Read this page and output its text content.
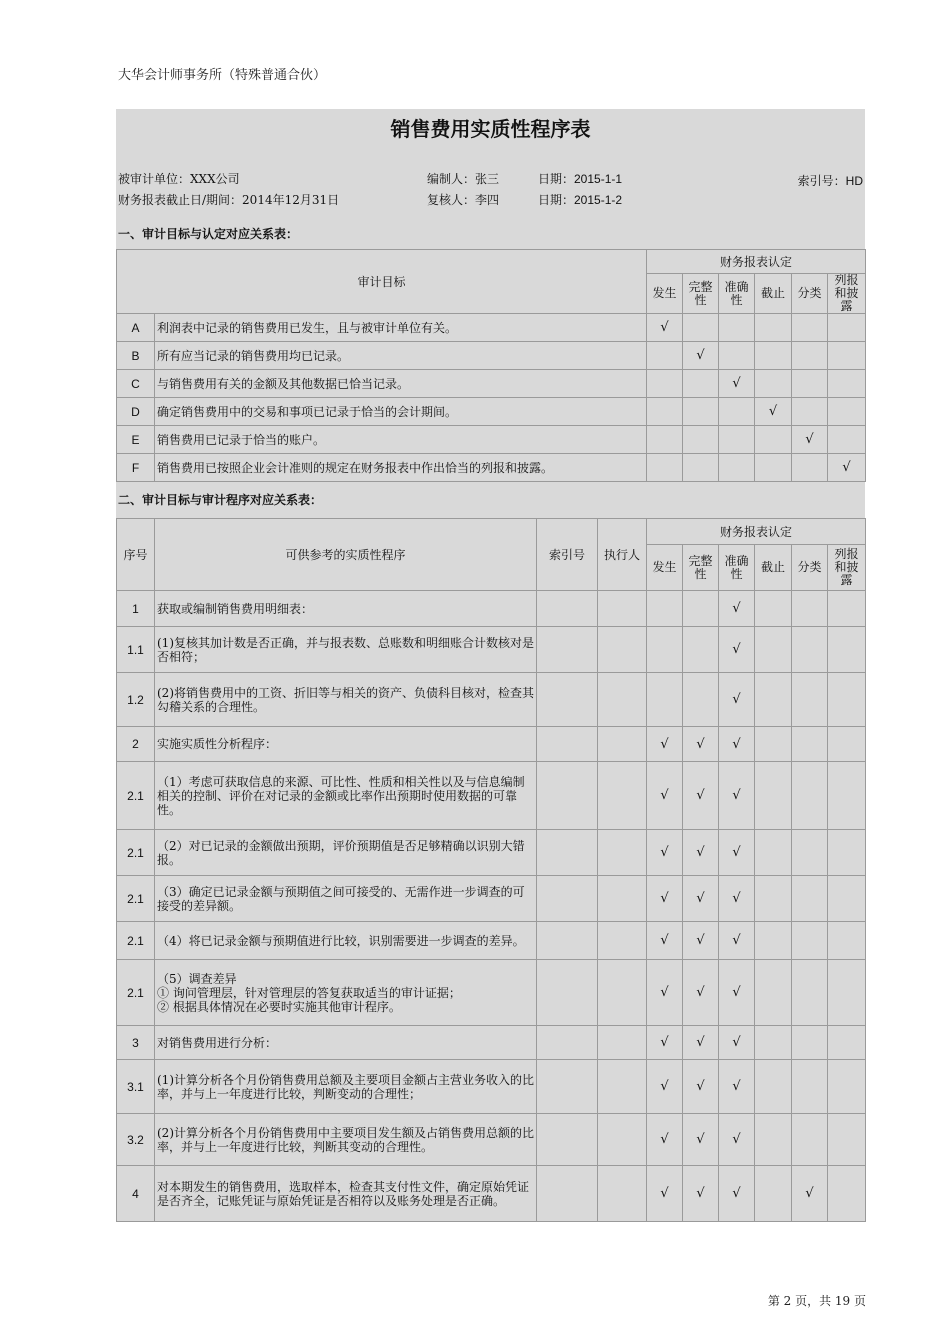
大华会计师事务所（特殊普通合伙）
销售费用实质性程序表
被审计单位：XXX公司	编制人：张三	日期：2015-1-1	索引号：HD
财务报表截止日/期间：2014年12月31日	复核人：李四	日期：2015-1-2
一、审计目标与认定对应关系表：
审计目标		财务报表认定					
		发生	完整性	准确性	截止	分类	列报和披露
A	利润表中记录的销售费用已发生，且与被审计单位有关。	√					
B	所有应当记录的销售费用均已记录。		√				
C	与销售费用有关的金额及其他数据已恰当记录。			√			
D	确定销售费用中的交易和事项已记录于恰当的会计期间。				√		
E	销售费用已记录于恰当的账户。					√	
F	销售费用已按照企业会计准则的规定在财务报表中作出恰当的列报和披露。						√
二、审计目标与审计程序对应关系表：
序号	可供参考的实质性程序	索引号	执行人	财务报表认定					
				发生	完整性	准确性	截止	分类	列报和披露
1	获取或编制销售费用明细表：					√			
1.1	(1)复核其加计数是否正确，并与报表数、总账数和明细账合计数核对是否相符；					√			
1.2	(2)将销售费用中的工资、折旧等与相关的资产、负债科目核对，检查其勾稽关系的合理性。					√			
2	实施实质性分析程序：			√	√	√			
2.1	（1）考虑可获取信息的来源、可比性、性质和相关性以及与信息编制相关的控制、评价在对记录的金额或比率作出预期时使用数据的可靠性。			√	√	√			
2.1	（2）对已记录的金额做出预期，评价预期值是否足够精确以识别大错报。			√	√	√			
2.1	（3）确定已记录金额与预期值之间可接受的、无需作进一步调查的可接受的差异额。			√	√	√			
2.1	（4）将已记录金额与预期值进行比较，识别需要进一步调查的差异。			√	√	√			
2.1	（5）调查差异
① 询问管理层，针对管理层的答复获取适当的审计证据；
② 根据具体情况在必要时实施其他审计程序。			√	√	√			
3	对销售费用进行分析：			√	√	√			
3.1	(1)计算分析各个月份销售费用总额及主要项目金额占主营业务收入的比率，并与上一年度进行比较，判断变动的合理性；			√	√	√			
3.2	(2)计算分析各个月份销售费用中主要项目发生额及占销售费用总额的比率，并与上一年度进行比较，判断其变动的合理性。			√	√	√			
4	对本期发生的销售费用，选取样本，检查其支付性文件，确定原始凭证是否齐全，记账凭证与原始凭证是否相符以及账务处理是否正确。			√	√	√		√	
第 2 页，共 19 页
